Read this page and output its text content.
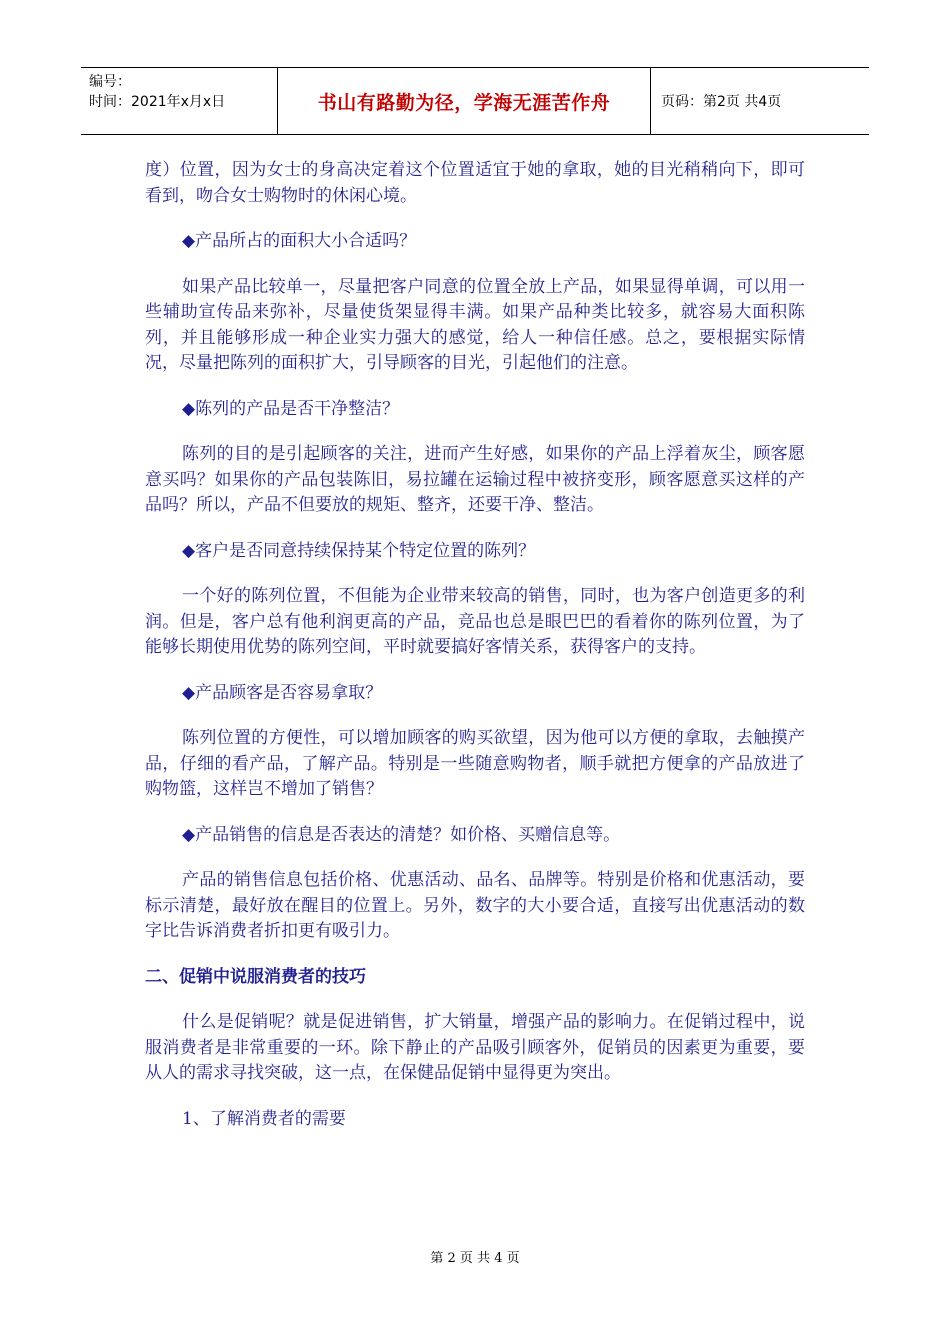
编号：
时间：2021年x月x日	书山有路勤为径，学海无涯苦作舟	页码：第2页 共4页

度）位置，因为女士的身高决定着这个位置适宜于她的拿取，她的目光稍稍向下，即可看到，吻合女士购物时的休闲心境。

◆产品所占的面积大小合适吗？

如果产品比较单一，尽量把客户同意的位置全放上产品，如果显得单调，可以用一些辅助宣传品来弥补，尽量使货架显得丰满。如果产品种类比较多，就容易大面积陈列，并且能够形成一种企业实力强大的感觉，给人一种信任感。总之，要根据实际情况，尽量把陈列的面积扩大，引导顾客的目光，引起他们的注意。

◆陈列的产品是否干净整洁？

陈列的目的是引起顾客的关注，进而产生好感，如果你的产品上浮着灰尘，顾客愿意买吗？如果你的产品包装陈旧，易拉罐在运输过程中被挤变形，顾客愿意买这样的产品吗？所以，产品不但要放的规矩、整齐，还要干净、整洁。

◆客户是否同意持续保持某个特定位置的陈列？

一个好的陈列位置，不但能为企业带来较高的销售，同时，也为客户创造更多的利润。但是，客户总有他利润更高的产品，竞品也总是眼巴巴的看着你的陈列位置，为了能够长期使用优势的陈列空间，平时就要搞好客情关系，获得客户的支持。

◆产品顾客是否容易拿取？

陈列位置的方便性，可以增加顾客的购买欲望，因为他可以方便的拿取，去触摸产品，仔细的看产品，了解产品。特别是一些随意购物者，顺手就把方便拿的产品放进了购物篮，这样岂不增加了销售？

◆产品销售的信息是否表达的清楚？如价格、买赠信息等。

产品的销售信息包括价格、优惠活动、品名、品牌等。特别是价格和优惠活动，要标示清楚，最好放在醒目的位置上。另外，数字的大小要合适，直接写出优惠活动的数字比告诉消费者折扣更有吸引力。

二、促销中说服消费者的技巧

什么是促销呢？就是促进销售，扩大销量，增强产品的影响力。在促销过程中，说服消费者是非常重要的一环。除下静止的产品吸引顾客外，促销员的因素更为重要，要从人的需求寻找突破，这一点，在保健品促销中显得更为突出。

1、了解消费者的需要

第 2 页 共 4 页
